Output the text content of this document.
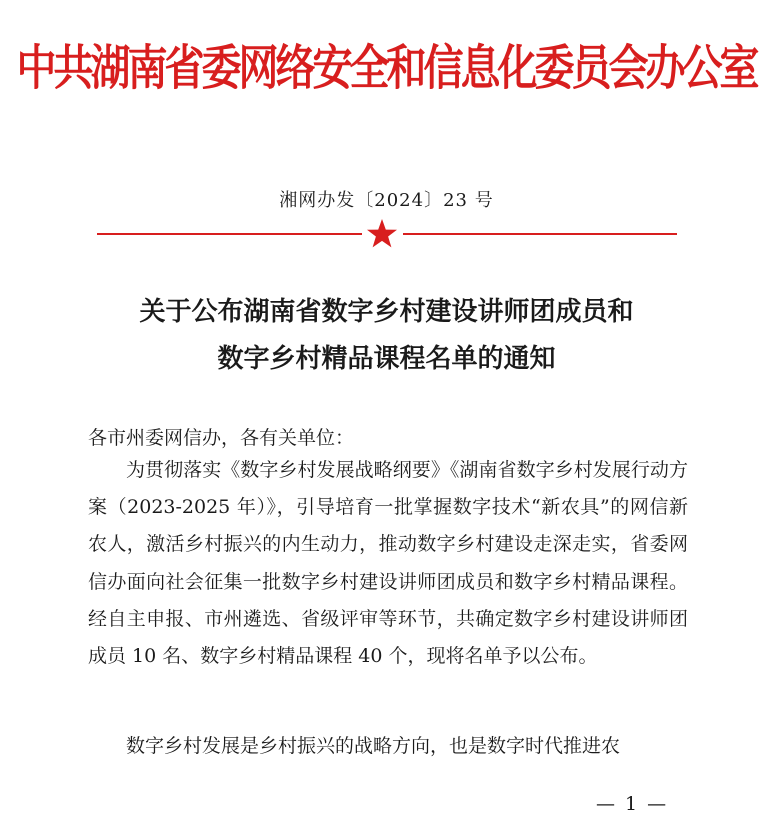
中共湖南省委网络安全和信息化委员会办公室
湘网办发〔2024〕23 号
关于公布湖南省数字乡村建设讲师团成员和
数字乡村精品课程名单的通知
各市州委网信办，各有关单位：
为贯彻落实《数字乡村发展战略纲要》《湖南省数字乡村发展行动方案（2023-2025 年）》，引导培育一批掌握数字技术“新农具”的网信新农人，激活乡村振兴的内生动力，推动数字乡村建设走深走实，省委网信办面向社会征集一批数字乡村建设讲师团成员和数字乡村精品课程。经自主申报、市州遴选、省级评审等环节，共确定数字乡村建设讲师团成员 10 名、数字乡村精品课程 40 个，现将名单予以公布。
数字乡村发展是乡村振兴的战略方向，也是数字时代推进农
— 1 —
